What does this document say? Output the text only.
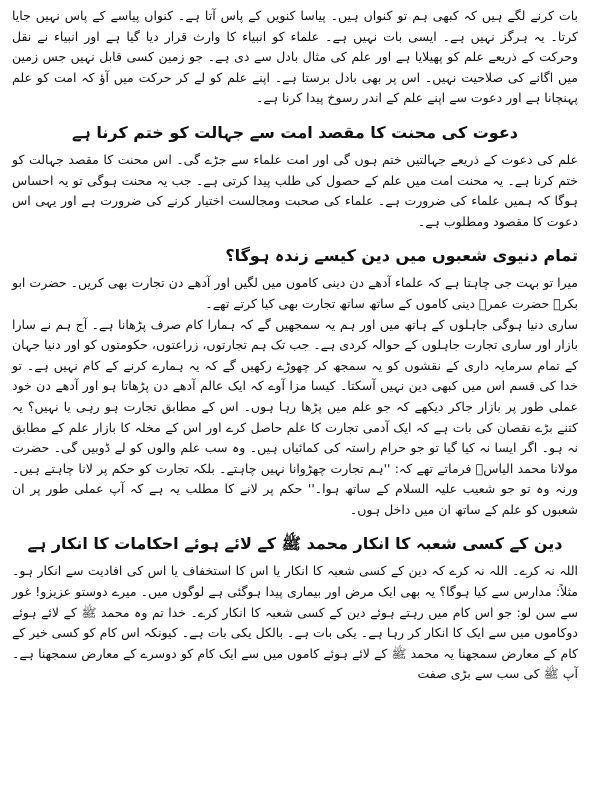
بات کرنے لگے ہیں کہ کبھی ہم تو کنواں ہیں۔ پیاسا کنویں کے پاس آتا ہے۔ کنواں پیاسے کے پاس نہیں جایا کرتا۔ یہ ہرگز نہیں ہے۔ ایسی بات نہیں ہے۔ علماء کو انبیاء کا وارث قرار دیا گیا ہے اور انبیاء نے نقل وحرکت کے ذریعے علم کو پھیلایا ہے اور علم کی مثال بادل سے دی ہے۔ جو زمین کسی قابل نہیں جس زمین میں اگانے کی صلاحیت نہیں۔ اس پر بھی بادل برستا ہے۔ اپنے علم کو لے کر حرکت میں آؤ کہ امت کو علم پہنچانا ہے اور دعوت سے اپنے علم کے اندر رسوخ پیدا کرنا ہے۔

دعوت کی محنت کا مقصد امت سے جہالت کو ختم کرنا ہے

علم کی دعوت کے ذریعے جہالتیں ختم ہوں گی اور امت علماء سے جڑے گی۔ اس محنت کا مقصد جہالت کو ختم کرنا ہے۔ یہ محنت امت میں علم کے حصول کی طلب پیدا کرتی ہے۔ جب یہ محنت ہوگی تو یہ احساس ہوگا کہ ہمیں علماء کی ضرورت ہے۔ علماء کی صحبت ومجالست اختیار کرنے کی ضرورت ہے اور یہی اس دعوت کا مقصود ومطلوب ہے۔

تمام دنیوی شعبوں میں دین کیسے زندہ ہوگا؟

میرا تو بہت جی چاہتا ہے کہ علماء آدھے دن دینی کاموں میں لگیں اور آدھے دن تجارت بھی کریں۔ حضرت ابو بکرؓ حضرت عمرؓ دینی کاموں کے ساتھ ساتھ تجارت بھی کیا کرتے تھے۔

ساری دنیا ہوگی جاہلوں کے ہاتھ میں اور ہم یہ سمجھیں گے کہ ہمارا کام صرف پڑھانا ہے۔ آج ہم نے سارا بازار اور ساری تجارت جاہلوں کے حوالہ کردی ہے۔ جب تک ہم تجارتوں، زراعتوں، حکومتوں کو اور دنیا جہان کے تمام سرمایہ داری کے نقشوں کو یہ سمجھ کر چھوڑے رکھیں گے کہ یہ ہمارے کرنے کے کام نہیں ہے۔ تو خدا کی قسم اس میں کبھی دین نہیں آسکتا۔ کیسا مزا آوے کہ ایک عالم آدھے دن پڑھاتا ہو اور آدھے دن خود عملی طور پر بازار جاکر دیکھے کہ جو علم میں پڑھا رہا ہوں۔ اس کے مطابق تجارت ہو رہی یا نہیں؟ یہ کتنے بڑے نقصان کی بات ہے کہ ایک آدمی تجارت کا علم حاصل کرے اور اس کے مخلہ کا بازار علم کے مطابق نہ ہو۔ اگر ایسا نہ کیا گیا تو جو حرام راستہ کی کمائیاں ہیں۔ وہ سب علم والوں کو لے ڈوبیں گی۔ حضرت مولانا محمد الیاسؒ فرماتے تھے کہ: ''ہم تجارت چھڑوانا نہیں چاہتے۔ بلکہ تجارت کو حکم پر لانا چاہتے ہیں۔ ورنہ وہ تو جو شعیب علیہ السلام کے ساتھ ہوا۔'' حکم پر لانے کا مطلب یہ ہے کہ آپ عملی طور پر ان شعبوں کو علم کے ساتھ ان میں داخل ہوں۔

دین کے کسی شعبہ کا انکار محمد ﷺ کے لائے ہوئے احکامات کا انکار ہے

اللہ نہ کرے۔ اللہ نہ کرے کہ دین کے کسی شعبہ کا انکار یا اس کا استخفاف یا اس کی افادیت سے انکار ہو۔ مثلاً: مدارس سے کیا ہوگا؟ یہ بھی ایک مرض اور بیماری پیدا ہوگئی ہے لوگوں میں۔ میرے دوستو عزیزو! غور سے سن لو: جو اس کام میں رہتے ہوئے دین کے کسی شعبہ کا انکار کرے۔ خدا تم وہ محمد ﷺ کے لائے ہوئے دوکاموں میں سے ایک کا انکار کر رہا ہے۔ یکی بات ہے۔ بالکل یکی بات ہے۔ کیونکہ اس کام کو کسی خیر کے کام کے معارض سمجھنا یہ محمد ﷺ کے لائے ہوئے کاموں میں سے ایک کام کو دوسرے کے معارض سمجھنا ہے۔ آپ ﷺ کی سب سے بڑی صفت
